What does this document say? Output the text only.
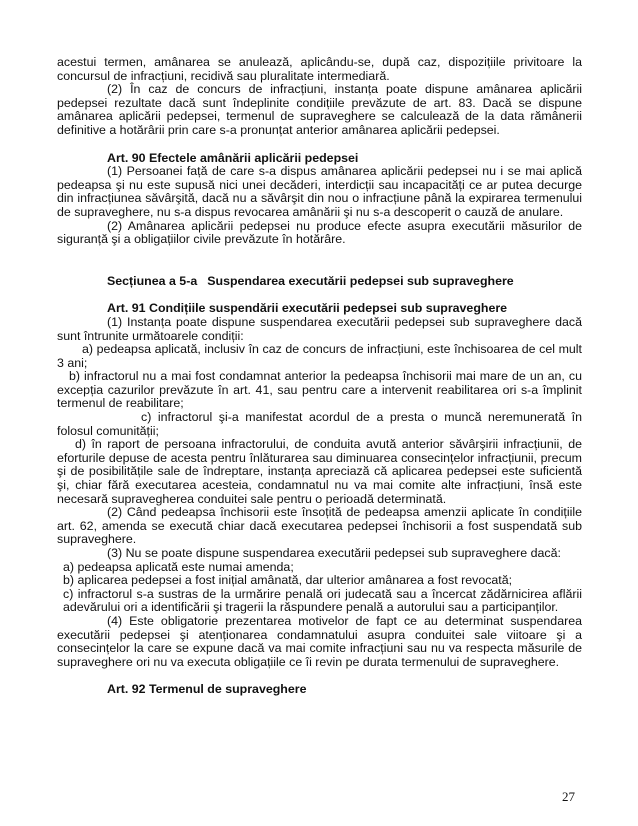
acestui termen, amânarea se anulează, aplicându-se, după caz, dispozițiile privitoare la concursul de infracțiuni, recidivă sau pluralitate intermediară.

(2) În caz de concurs de infracțiuni, instanța poate dispune amânarea aplicării pedepsei rezultate dacă sunt îndeplinite condițiile prevăzute de art. 83. Dacă se dispune amânarea aplicării pedepsei, termenul de supraveghere se calculează de la data rămânerii definitive a hotărârii prin care s-a pronunțat anterior amânarea aplicării pedepsei.

Art. 90 Efectele amânării aplicării pedepsei

(1) Persoanei față de care s-a dispus amânarea aplicării pedepsei nu i se mai aplică pedeapsa şi nu este supusă nici unei decăderi, interdicții sau incapacități ce ar putea decurge din infracțiunea săvârşită, dacă nu a săvârşit din nou o infracțiune până la expirarea termenului de supraveghere, nu s-a dispus revocarea amânării şi nu s-a descoperit o cauză de anulare.

(2) Amânarea aplicării pedepsei nu produce efecte asupra executării măsurilor de siguranță şi a obligațiilor civile prevăzute în hotărâre.

Secțiunea a 5-a Suspendarea executării pedepsei sub supraveghere

Art. 91 Condițiile suspendării executării pedepsei sub supraveghere

(1) Instanța poate dispune suspendarea executării pedepsei sub supraveghere dacă sunt întrunite următoarele condiții:

a) pedeapsa aplicată, inclusiv în caz de concurs de infracțiuni, este închisoarea de cel mult 3 ani;

b) infractorul nu a mai fost condamnat anterior la pedeapsa închisorii mai mare de un an, cu excepția cazurilor prevăzute în art. 41, sau pentru care a intervenit reabilitarea ori s-a împlinit termenul de reabilitare;

c) infractorul şi-a manifestat acordul de a presta o muncă neremunerată în folosul comunității;

d) în raport de persoana infractorului, de conduita avută anterior săvârşirii infracțiunii, de eforturile depuse de acesta pentru înlăturarea sau diminuarea consecințelor infracțiunii, precum şi de posibilitățile sale de îndreptare, instanța apreciază că aplicarea pedepsei este suficientă şi, chiar fără executarea acesteia, condamnatul nu va mai comite alte infracțiuni, însă este necesară supravegherea conduitei sale pentru o perioadă determinată.

(2) Când pedeapsa închisorii este însoțită de pedeapsa amenzii aplicate în condițiile art. 62, amenda se execută chiar dacă executarea pedepsei închisorii a fost suspendată sub supraveghere.

(3) Nu se poate dispune suspendarea executării pedepsei sub supraveghere dacă:

a) pedeapsa aplicată este numai amenda;

b) aplicarea pedepsei a fost inițial amânată, dar ulterior amânarea a fost revocată;

c) infractorul s-a sustras de la urmărire penală ori judecată sau a încercat zădărnicirea aflării adevărului ori a identificării şi tragerii la răspundere penală a autorului sau a participanților.

(4) Este obligatorie prezentarea motivelor de fapt ce au determinat suspendarea executării pedepsei şi atenționarea condamnatului asupra conduitei sale viitoare şi a consecințelor la care se expune dacă va mai comite infracțiuni sau nu va respecta măsurile de supraveghere ori nu va executa obligațiile ce îi revin pe durata termenului de supraveghere.

Art. 92 Termenul de supraveghere

27
